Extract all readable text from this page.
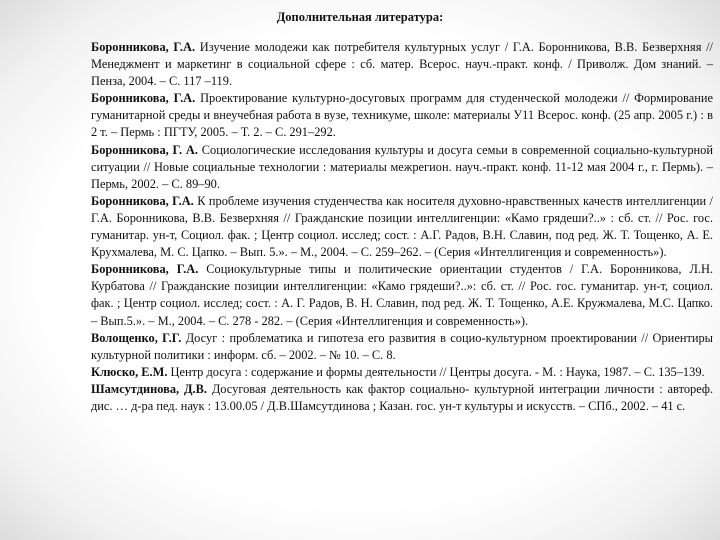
Дополнительная литература:

Боронникова, Г.А. Изучение молодежи как потребителя культурных услуг / Г.А. Боронникова, В.В. Безверхняя // Менеджмент и маркетинг в социальной сфере : сб. матер. Всерос. науч.-практ. конф. / Приволж. Дом знаний. – Пенза, 2004. – С. 117 –119.

Боронникова, Г.А. Проектирование культурно-досуговых программ для студенческой молодежи // Формирование гуманитарной среды и внеучебная работа в вузе, техникуме, школе: материалы У11 Всерос. конф. (25 апр. 2005 г.) : в 2 т. – Пермь : ПГТУ, 2005. – Т. 2. – С. 291–292.

Боронникова, Г. А. Социологические исследования культуры и досуга семьи в современной социально-культурной ситуации // Новые социальные технологии : материалы межрегион. науч.-практ. конф. 11-12 мая 2004 г., г. Пермь). – Пермь, 2002. – С. 89–90.

Боронникова, Г.А. К проблеме изучения студенчества как носителя духовно-нравственных качеств интеллигенции / Г.А. Боронникова, В.В. Безверхняя // Гражданские позиции интеллигенции: «Камо грядеши?..» : сб. ст. // Рос. гос. гуманитар. ун-т, Социол. фак. ; Центр социол. исслед; сост. : А.Г. Радов, В.Н. Славин, под ред. Ж. Т. Тощенко, А. Е. Крухмалева, М. С. Цапко. – Вып. 5.». – М., 2004. – С. 259–262. – (Серия «Интеллигенция и современность»).

Боронникова, Г.А. Социокультурные типы и политические ориентации студентов / Г.А. Боронникова, Л.Н. Курбатова // Гражданские позиции интеллигенции: «Камо грядеши?..»: сб. ст. // Рос. гос. гуманитар. ун-т, социол. фак. ; Центр социол. исслед; сост. : А. Г. Радов, В. Н. Славин, под ред. Ж. Т. Тощенко, А.Е. Кружмалева, М.С. Цапко. – Вып.5.». – М., 2004. – С. 278 - 282. – (Серия «Интеллигенция и современность»).

Волощенко, Г.Г. Досуг : проблематика и гипотеза его развития в социо-культурном проектировании // Ориентиры культурной политики : информ. сб. – 2002. – № 10. – С. 8.

Клюско, Е.М. Центр досуга : содержание и формы деятельности // Центры досуга. - М. : Наука, 1987. – С. 135–139.

Шамсутдинова, Д.В. Досуговая деятельность как фактор социально- культурной интеграции личности : автореф. дис. … д-ра пед. наук : 13.00.05 / Д.В.Шамсутдинова ; Казан. гос. ун-т культуры и искусств. – СПб., 2002. – 41 с.
